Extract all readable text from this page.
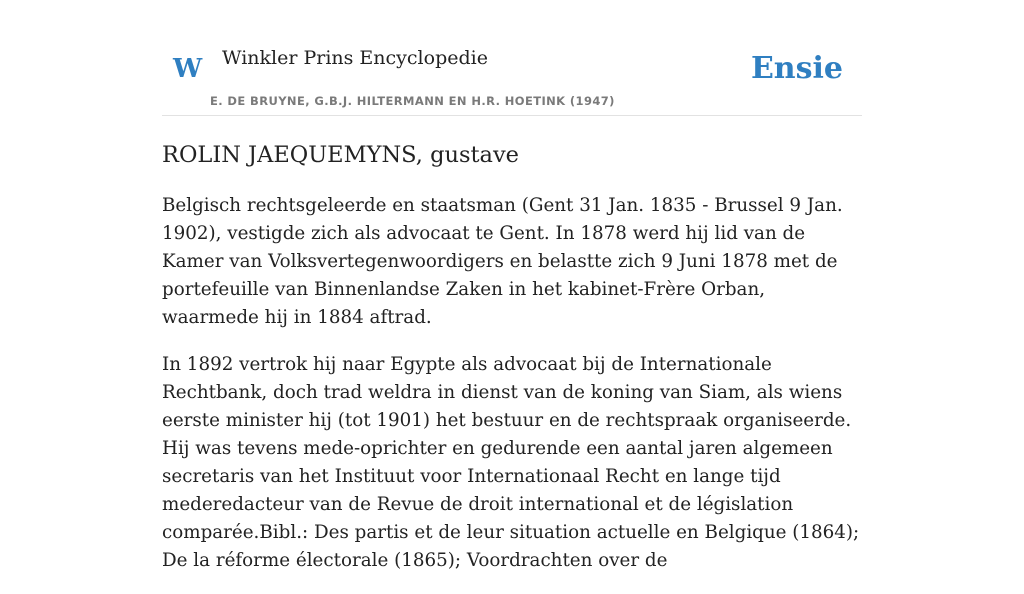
W Winkler Prins Encyclopedie
E. DE BRUYNE, G.B.J. HILTERMANN EN H.R. HOETINK (1947)
Ensie
ROLIN JAEQUEMYNS, gustave

Belgisch rechtsgeleerde en staatsman (Gent 31 Jan. 1835 - Brussel 9 Jan. 1902), vestigde zich als advocaat te Gent. In 1878 werd hij lid van de Kamer van Volksvertegenwoordigers en belastte zich 9 Juni 1878 met de portefeuille van Binnenlandse Zaken in het kabinet-Frère Orban, waarmede hij in 1884 aftrad.

In 1892 vertrok hij naar Egypte als advocaat bij de Internationale Rechtbank, doch trad weldra in dienst van de koning van Siam, als wiens eerste minister hij (tot 1901) het bestuur en de rechtspraak organiseerde. Hij was tevens mede-oprichter en gedurende een aantal jaren algemeen secretaris van het Instituut voor Internationaal Recht en lange tijd mederedacteur van de Revue de droit international et de législation comparée.Bibl.: Des partis et de leur situation actuelle en Belgique (1864); De la réforme électorale (1865); Voordrachten over de
